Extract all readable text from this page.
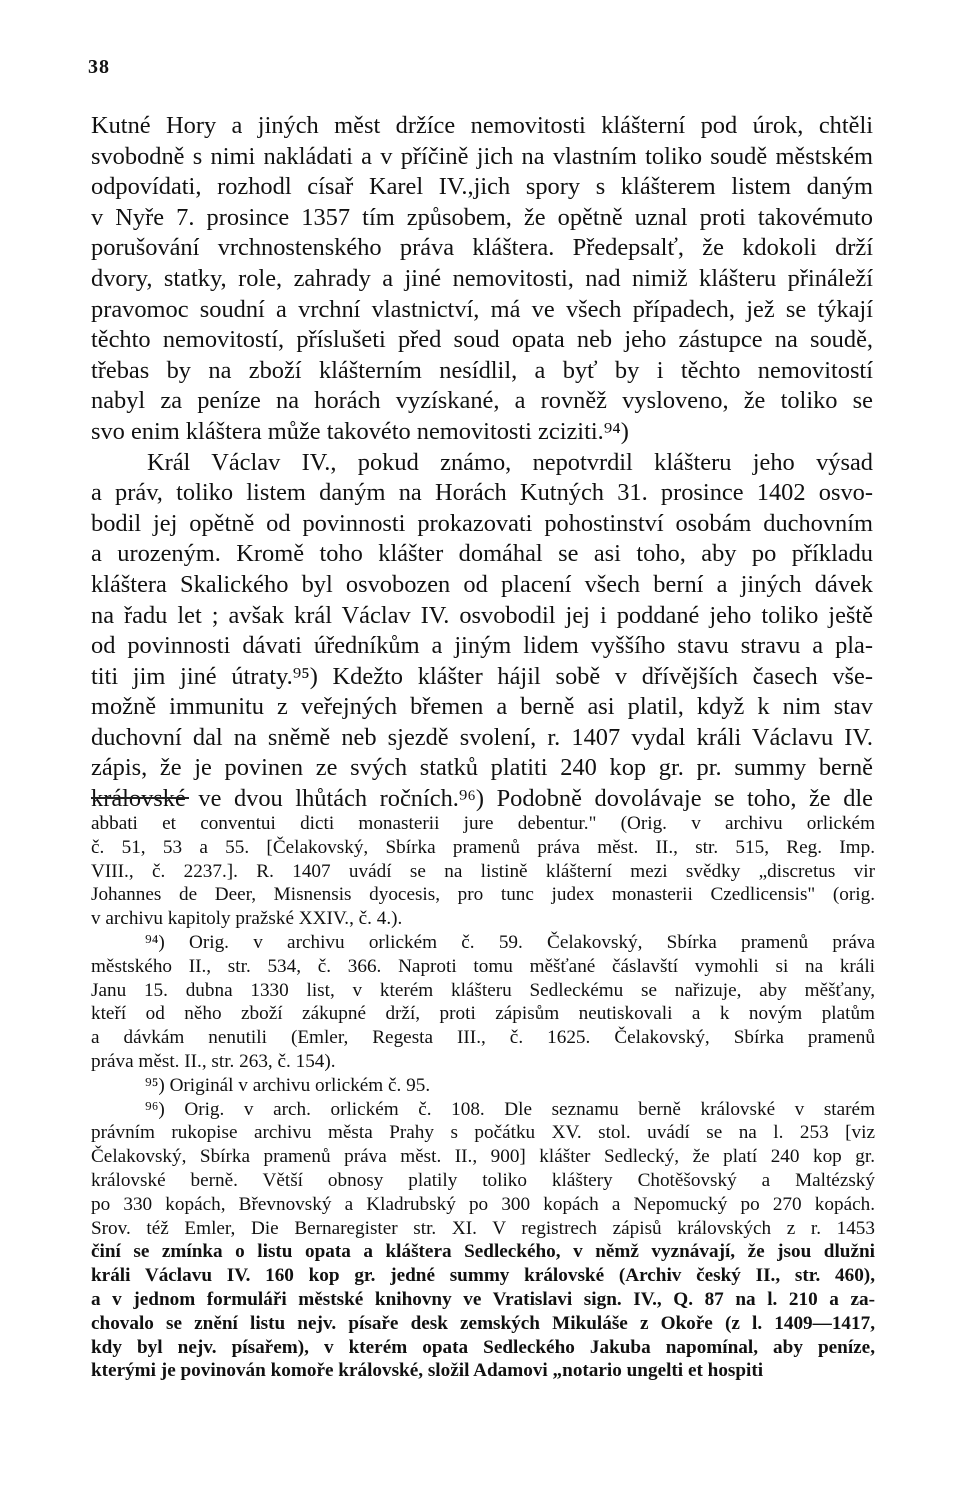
38
Kutné Hory a jiných měst držíce nemovitosti klášterní pod úrok, chtěli
svobodně s nimi nakládati a v příčině jich na vlastním toliko soudě městském
odpovídati, rozhodl císař Karel IV.,jich spory s klášterem listem daným
v Nyře 7. prosince 1357 tím způsobem, že opětně uznal proti takovémuto
porušování vrchnostenského práva kláštera. Předepsalť, že kdokoli drží
dvory, statky, role, zahrady a jiné nemovitosti, nad nimiž klášteru přináleží
pravomoc soudní a vrchní vlastnictví, má ve všech případech, jež se týkají
těchto nemovitostí, příslušeti před soud opata neb jeho zástupce na soudě,
třebas by na zboží klášterním nesídlil, a byť by i těchto nemovitostí
nabyl za peníze na horách vyzískané, a rovněž vysloveno, že toliko se
svo enim kláštera může takovéto nemovitosti zciziti.⁹⁴)
Král Václav IV., pokud známo, nepotvrdil klášteru jeho výsad
a práv, toliko listem daným na Horách Kutných 31. prosince 1402 osvo-
bodil jej opětně od povinnosti prokazovati pohostinství osobám duchovním
a urozeným. Kromě toho klášter domáhal se asi toho, aby po příkladu
kláštera Skalického byl osvobozen od placení všech berní a jiných dávek
na řadu let ; avšak král Václav IV. osvobodil jej i poddané jeho toliko ještě
od povinnosti dávati úředníkům a jiným lidem vyššího stavu stravu a pla-
titi jim jiné útraty.⁹⁵) Kdežto klášter hájil sobě v dřívějších časech vše-
možně immunitu z veřejných břemen a berně asi platil, když k nim stav
duchovní dal na sněmě neb sjezdě svolení, r. 1407 vydal králi Václavu IV.
zápis, že je povinen ze svých statků platiti 240 kop gr. pr. summy berně
královské ve dvou lhůtách ročních.⁹⁶) Podobně dovolávaje se toho, že dle
abbati et conventui dicti monasterii jure debentur." (Orig. v archivu orlickém
č. 51, 53 a 55. [Čelakovský, Sbírka pramenů práva měst. II., str. 515, Reg. Imp.
VIII., č. 2237.]. R. 1407 uvádí se na listině klášterní mezi svědky „discretus vir
Johannes de Deer, Misnensis dyocesis, pro tunc judex monasterii Czedlicensis" (orig.
v archivu kapitoly pražské XXIV., č. 4.).
⁹⁴) Orig. v archivu orlickém č. 59. Čelakovský, Sbírka pramenů práva
městského II., str. 534, č. 366. Naproti tomu měšťané čáslavští vymohli si na králi
Janu 15. dubna 1330 list, v kterém klášteru Sedleckému se nařizuje, aby měšťany,
kteří od něho zboží zákupné drží, proti zápisům neutiskovali a k novým platům
a dávkám nenutili (Emler, Regesta III., č. 1625. Čelakovský, Sbírka pramenů
práva měst. II., str. 263, č. 154).
⁹⁵) Originál v archivu orlickém č. 95.
⁹⁶) Orig. v arch. orlickém č. 108. Dle seznamu berně královské v starém
právním rukopise archivu města Prahy s počátku XV. stol. uvádí se na l. 253 [viz
Čelakovský, Sbírka pramenů práva měst. II., 900] klášter Sedlecký, že platí 240 kop gr.
královské berně. Větší obnosy platily toliko kláštery Chotěšovský a Maltézský
po 330 kopách, Břevnovský a Kladrubský po 300 kopách a Nepomucký po 270 kopách.
Srov. též Emler, Die Bernaregister str. XI. V registrech zápisů královských z r. 1453
činí se zmínka o listu opata a kláštera Sedleckého, v němž vyznávají, že jsou dlužni
králi Václavu IV. 160 kop gr. jedné summy královské (Archiv český II., str. 460),
a v jednom formuláři městské knihovny ve Vratislavi sign. IV., Q. 87 na l. 210 a za-
chovalo se znění listu nejv. písaře desk zemských Mikuláše z Okoře (z l. 1409—1417,
kdy byl nejv. písařem), v kterém opata Sedleckého Jakuba napomínal, aby peníze,
kterými je povinován komoře královské, složil Adamovi „notario ungelti et hospiti
